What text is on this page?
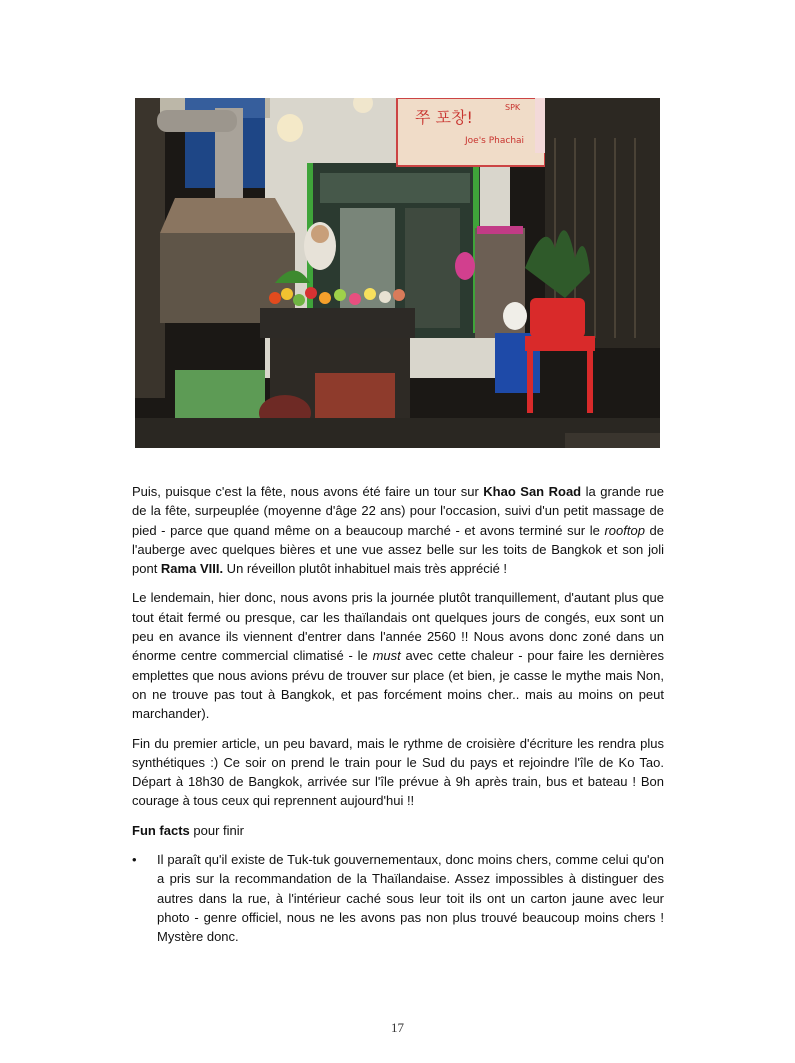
쭈 포창!
Joe's Phachai
SPK

Puis, puisque c'est la fête, nous avons été faire un tour sur Khao San Road la grande rue de la fête, surpeuplée (moyenne d'âge 22 ans) pour l'occasion, suivi d'un petit massage de pied - parce que quand même on a beaucoup marché - et avons terminé sur le rooftop de l'auberge avec quelques bières et une vue assez belle sur les toits de Bangkok et son joli pont Rama VIII. Un réveillon plutôt inhabituel mais très apprécié !

Le lendemain, hier donc, nous avons pris la journée plutôt tranquillement, d'autant plus que tout était fermé ou presque, car les thaïlandais ont quelques jours de congés, eux sont un peu en avance ils viennent d'entrer dans l'année 2560 !! Nous avons donc zoné dans un énorme centre commercial climatisé - le must avec cette chaleur - pour faire les dernières emplettes que nous avions prévu de trouver sur place (et bien, je casse le mythe mais Non, on ne trouve pas tout à Bangkok, et pas forcément moins cher.. mais au moins on peut marchander).

Fin du premier article, un peu bavard, mais le rythme de croisière d'écriture les rendra plus synthétiques :) Ce soir on prend le train pour le Sud du pays et rejoindre l'île de Ko Tao. Départ à 18h30 de Bangkok, arrivée sur l'île prévue à 9h après train, bus et bateau ! Bon courage à tous ceux qui reprennent aujourd'hui !!

Fun facts pour finir

• Il paraît qu'il existe de Tuk-tuk gouvernementaux, donc moins chers, comme celui qu'on a pris sur la recommandation de la Thaïlandaise. Assez impossibles à distinguer des autres dans la rue, à l'intérieur caché sous leur toit ils ont un carton jaune avec leur photo - genre officiel, nous ne les avons pas non plus trouvé beaucoup moins chers ! Mystère donc.
17
